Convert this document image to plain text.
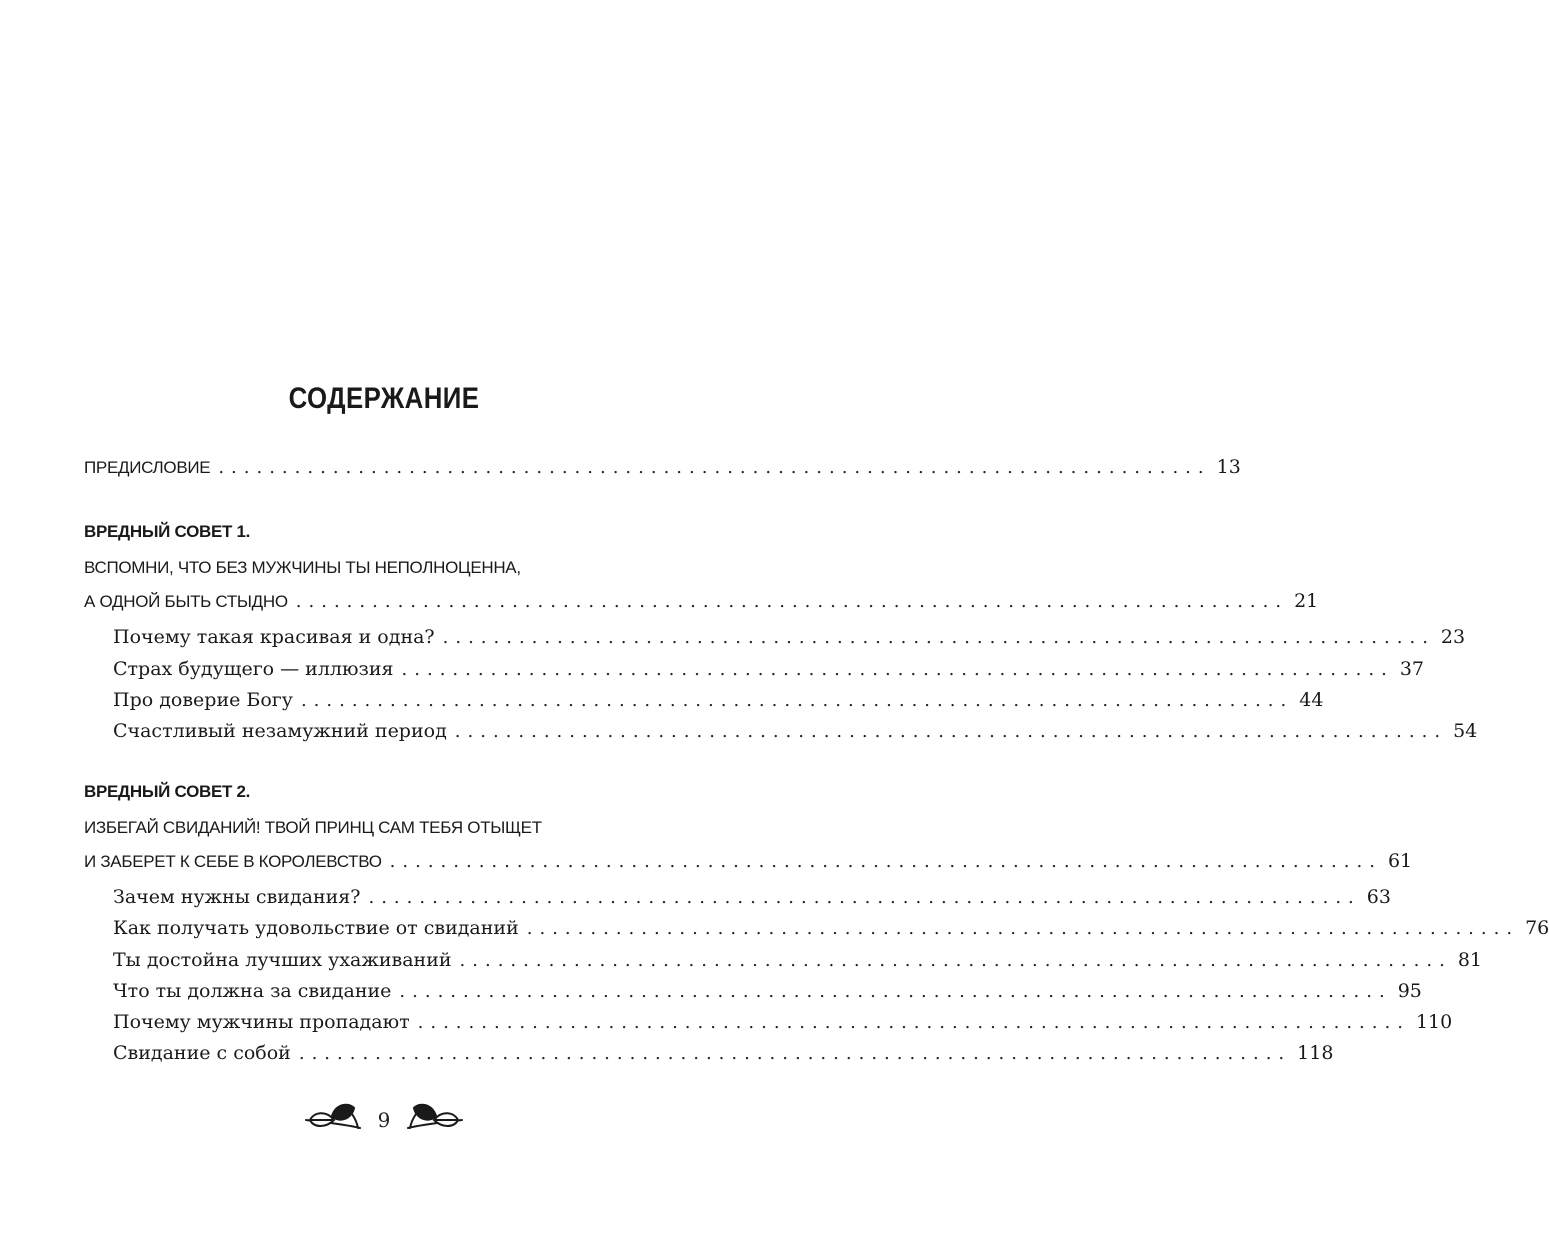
СОДЕРЖАНИЕ
ПРЕДИСЛОВИЕ .............................................................................. 13
ВРЕДНЫЙ СОВЕТ 1.
ВСПОМНИ, ЧТО БЕЗ МУЖЧИНЫ ТЫ НЕПОЛНОЦЕННА,
А ОДНОЙ БЫТЬ СТЫДНО .............................................................................. 21
Почему такая красивая и одна? .............................................................................. 23
Страх будущего — иллюзия .............................................................................. 37
Про доверие Богу .............................................................................. 44
Счастливый незамужний период .............................................................................. 54
ВРЕДНЫЙ СОВЕТ 2.
ИЗБЕГАЙ СВИДАНИЙ! ТВОЙ ПРИНЦ САМ ТЕБЯ ОТЫЩЕТ
И ЗАБЕРЕТ К СЕБЕ В КОРОЛЕВСТВО .............................................................................. 61
Зачем нужны свидания? .............................................................................. 63
Как получать удовольствие от свиданий .............................................................................. 76
Ты достойна лучших ухаживаний .............................................................................. 81
Что ты должна за свидание .............................................................................. 95
Почему мужчины пропадают .............................................................................. 110
Свидание с собой .............................................................................. 118
9
